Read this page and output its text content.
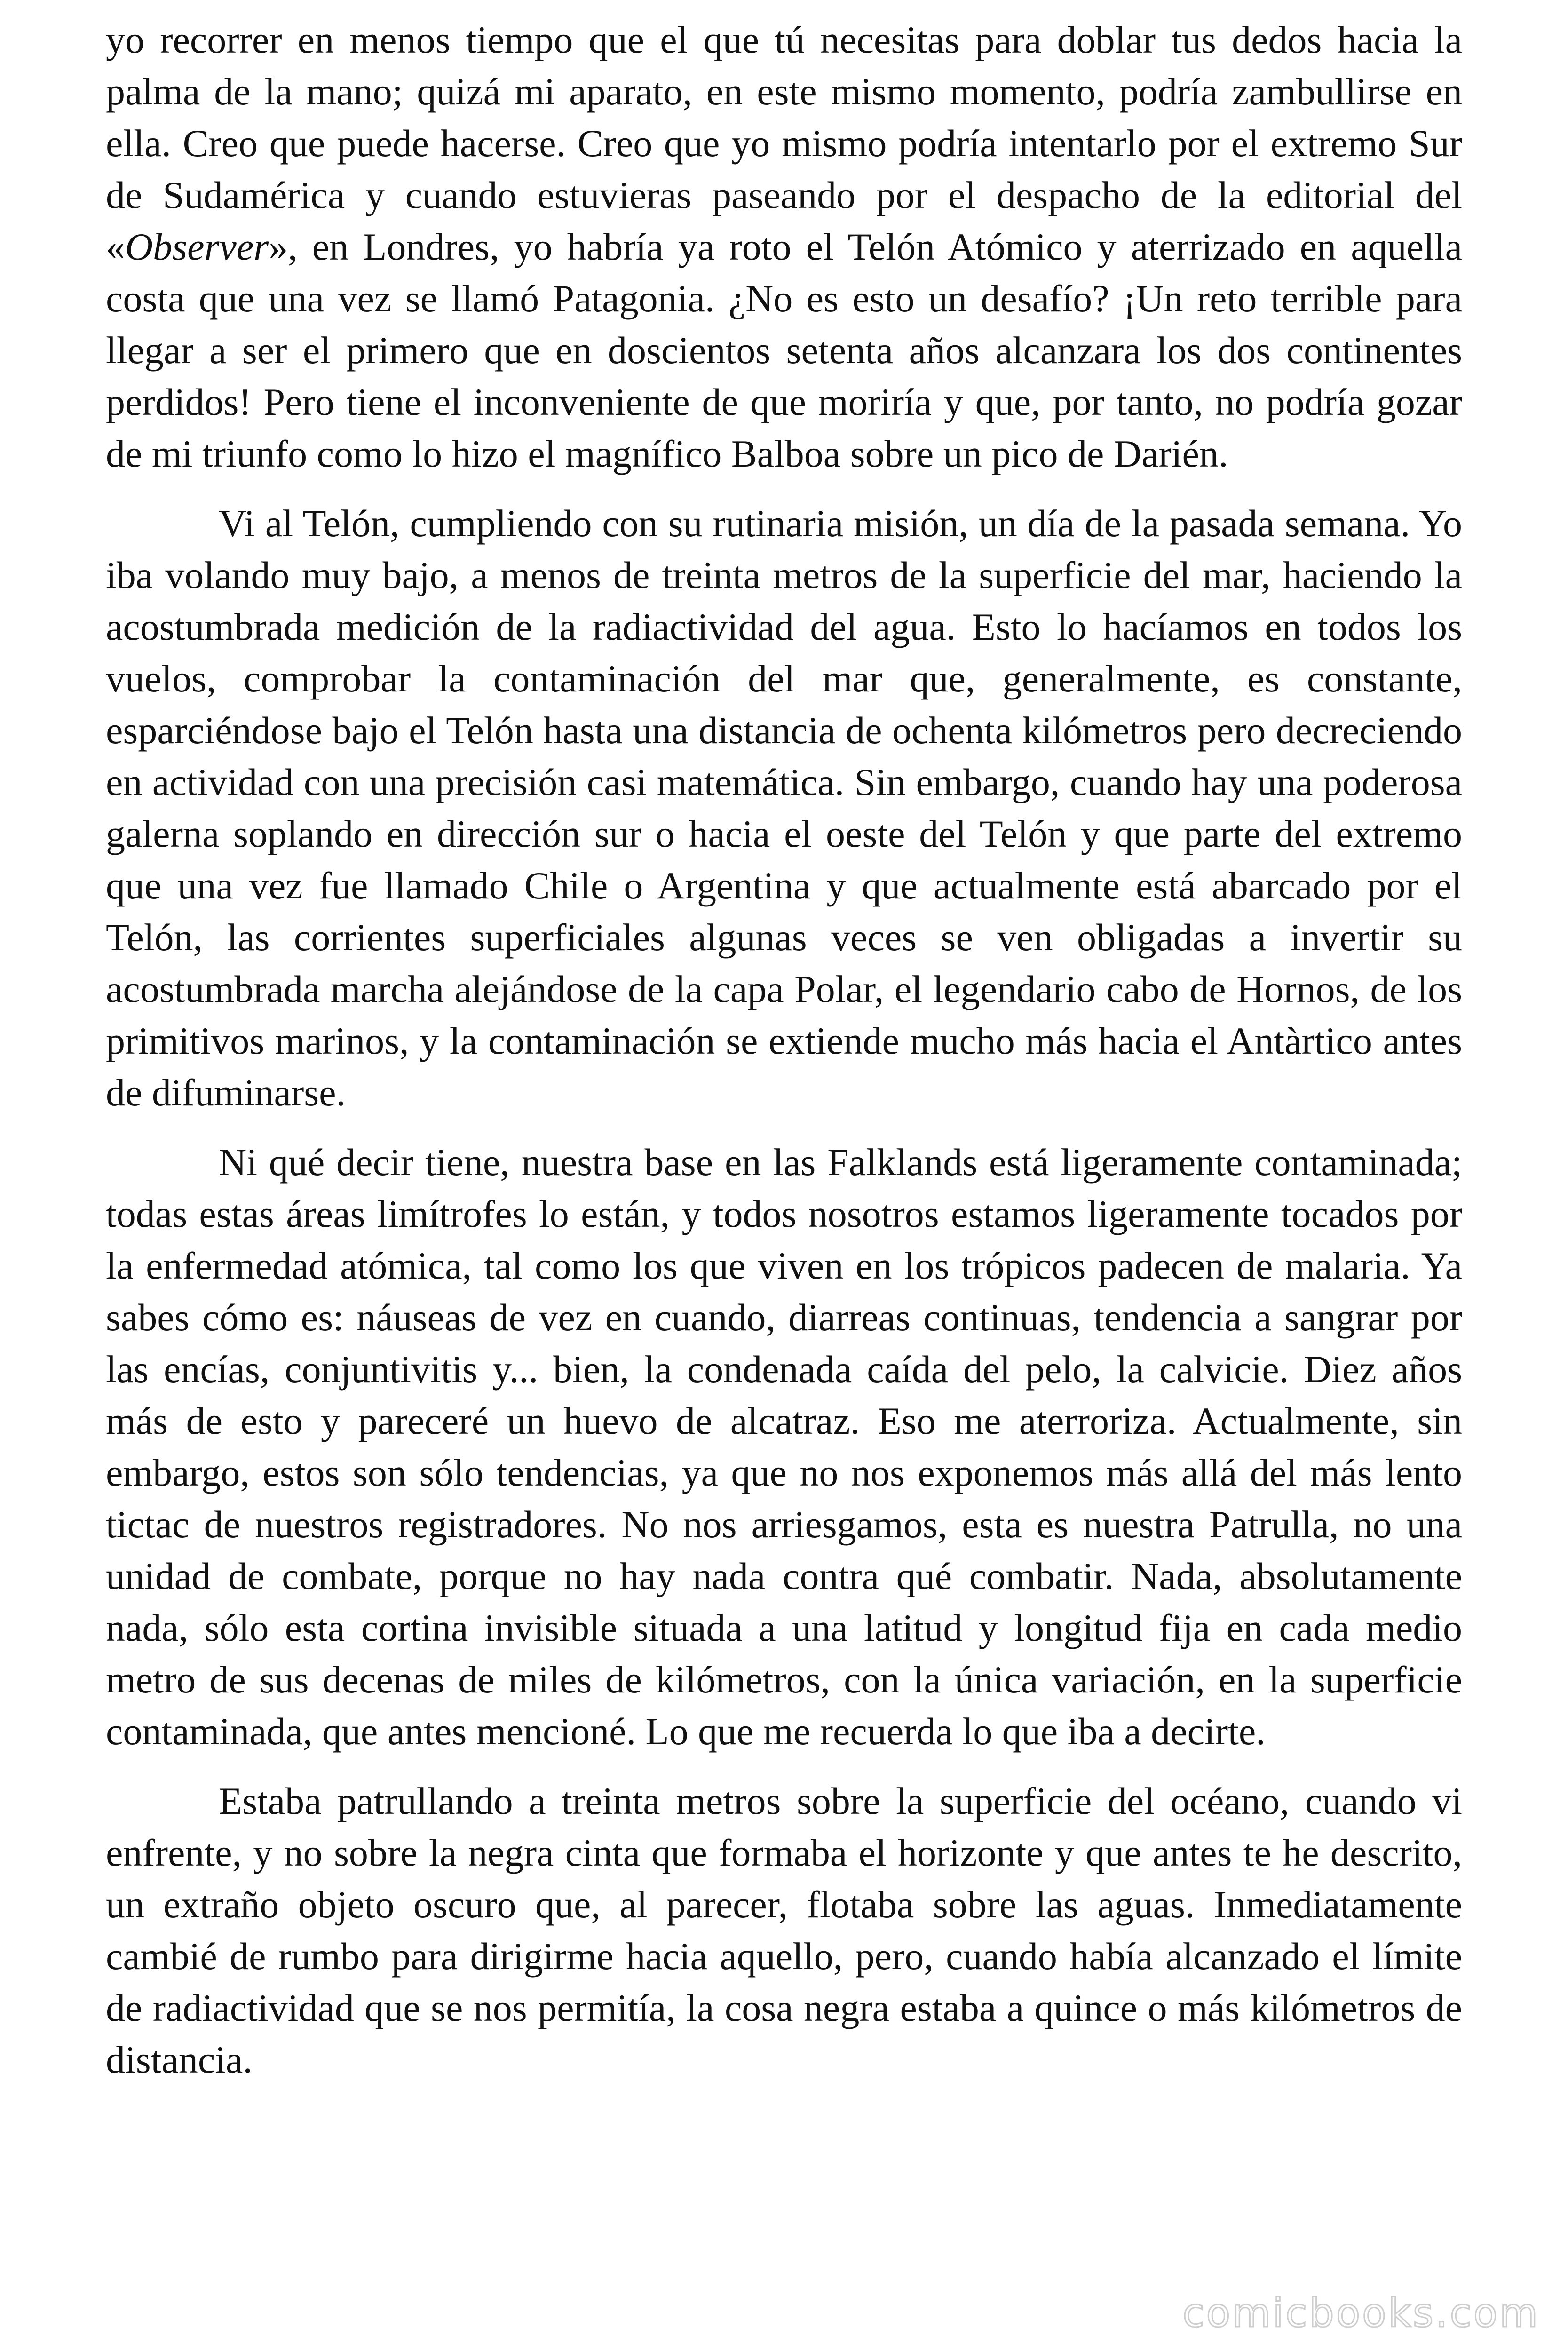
yo recorrer en menos tiempo que el que tú necesitas para doblar tus dedos hacia la palma de la mano; quizá mi aparato, en este mismo momento, podría zambullirse en ella. Creo que puede hacerse. Creo que yo mismo podría intentarlo por el extremo Sur de Sudamérica y cuando estuvieras paseando por el despacho de la editorial del «Observer», en Londres, yo habría ya roto el Telón Atómico y aterrizado en aquella costa que una vez se llamó Patagonia. ¿No es esto un desafío? ¡Un reto terrible para llegar a ser el primero que en doscientos setenta años alcanzara los dos continentes perdidos! Pero tiene el inconveniente de que moriría y que, por tanto, no podría gozar de mi triunfo como lo hizo el magnífico Balboa sobre un pico de Darién.

Vi al Telón, cumpliendo con su rutinaria misión, un día de la pasada semana. Yo iba volando muy bajo, a menos de treinta metros de la superficie del mar, haciendo la acostumbrada medición de la radiactividad del agua. Esto lo hacíamos en todos los vuelos, comprobar la contaminación del mar que, generalmente, es constante, esparciéndose bajo el Telón hasta una distancia de ochenta kilómetros pero decreciendo en actividad con una precisión casi matemática. Sin embargo, cuando hay una poderosa galerna soplando en dirección sur o hacia el oeste del Telón y que parte del extremo que una vez fue llamado Chile o Argentina y que actualmente está abarcado por el Telón, las corrientes superficiales algunas veces se ven obligadas a invertir su acostumbrada marcha alejándose de la capa Polar, el legendario cabo de Hornos, de los primitivos marinos, y la contaminación se extiende mucho más hacia el Antàrtico antes de difuminarse.

Ni qué decir tiene, nuestra base en las Falklands está ligeramente contaminada; todas estas áreas limítrofes lo están, y todos nosotros estamos ligeramente tocados por la enfermedad atómica, tal como los que viven en los trópicos padecen de malaria. Ya sabes cómo es: náuseas de vez en cuando, diarreas continuas, tendencia a sangrar por las encías, conjuntivitis y... bien, la condenada caída del pelo, la calvicie. Diez años más de esto y pareceré un huevo de alcatraz. Eso me aterroriza. Actualmente, sin embargo, estos son sólo tendencias, ya que no nos exponemos más allá del más lento tictac de nuestros registradores. No nos arriesgamos, esta es nuestra Patrulla, no una unidad de combate, porque no hay nada contra qué combatir. Nada, absolutamente nada, sólo esta cortina invisible situada a una latitud y longitud fija en cada medio metro de sus decenas de miles de kilómetros, con la única variación, en la superficie contaminada, que antes mencioné. Lo que me recuerda lo que iba a decirte.

Estaba patrullando a treinta metros sobre la superficie del océano, cuando vi enfrente, y no sobre la negra cinta que formaba el horizonte y que antes te he descrito, un extraño objeto oscuro que, al parecer, flotaba sobre las aguas. Inmediatamente cambié de rumbo para dirigirme hacia aquello, pero, cuando había alcanzado el límite de radiactividad que se nos permitía, la cosa negra estaba a quince o más kilómetros de distancia.

comicbooks.com
